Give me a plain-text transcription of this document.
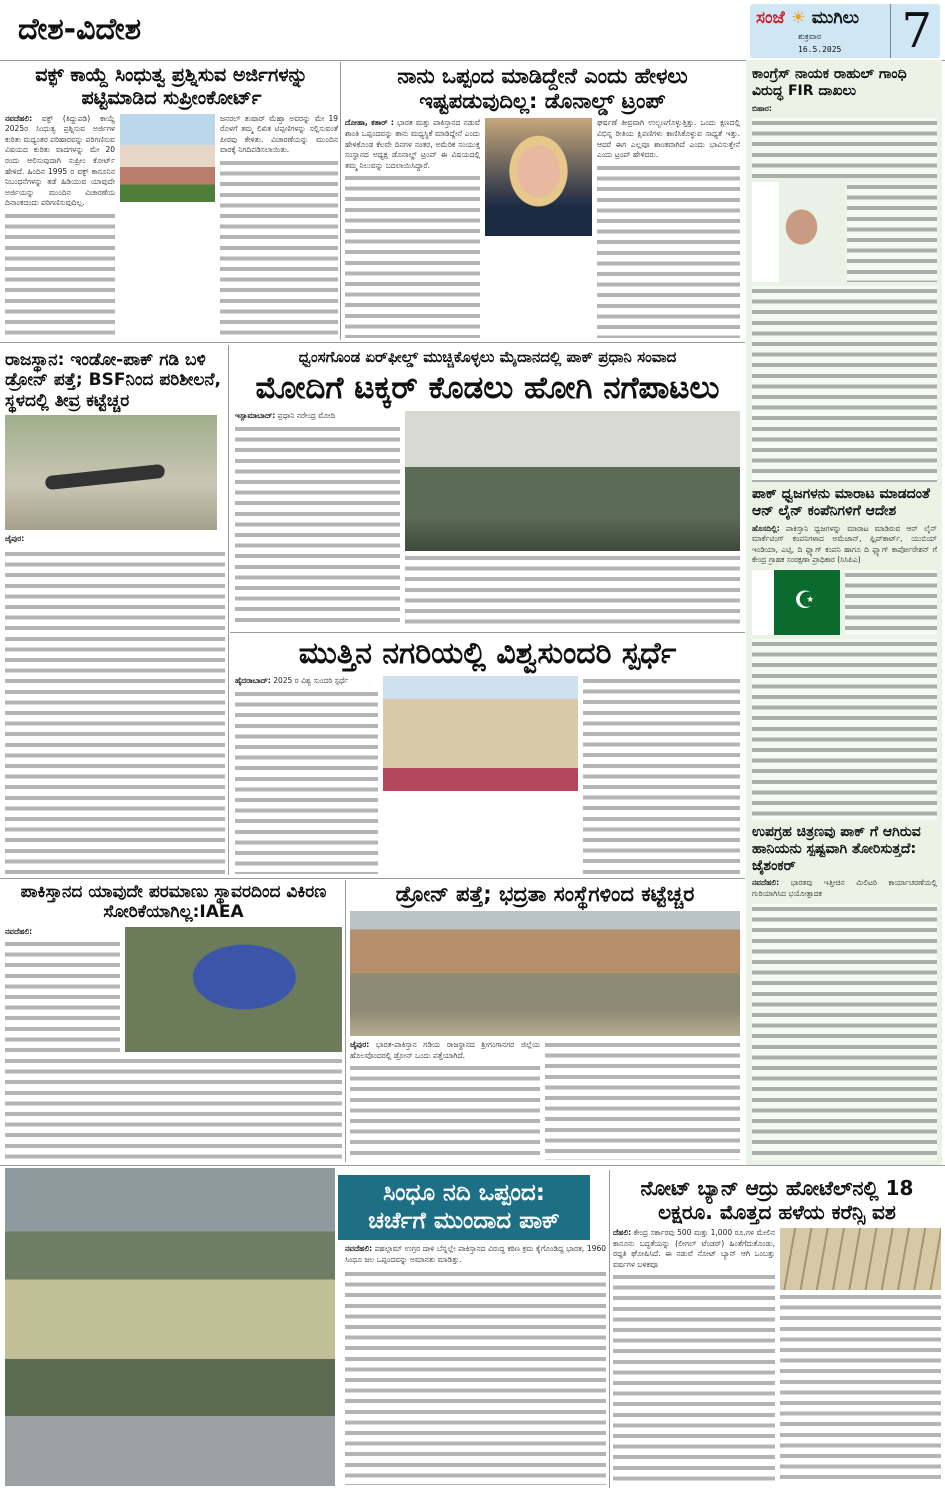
ದೇಶ-ವಿದೇಶ	ಸಂಜೆ ☀ ಮುಗಿಲು
ಶುಕ್ರವಾರ
16.5.2025 7
ವಕ್ಫ್ ಕಾಯ್ದೆ ಸಿಂಧುತ್ವ ಪ್ರಶ್ನಿಸುವ ಅರ್ಜಿಗಳನ್ನು ಪಟ್ಟಿಮಾಡಿದ ಸುಪ್ರೀಂಕೋರ್ಟ್
ನವದೆಹಲಿ: ವಕ್ಫ್ (ತಿದ್ದುಪಡಿ) ಕಾಯ್ದೆ 2025ರ ಸಿಂಧುತ್ವ ಪ್ರಶ್ನಿಸುವ ಅರ್ಜಿಗಳ ಕುರಿತು ಮಧ್ಯಂತರ ಪರಿಹಾರವನ್ನು ಪರಿಗಣಿಸುವ ವಿಷಯದ ಕುರಿತು ವಾದಗಳನ್ನು ಮೇ 20 ರಂದು ಆಲಿಸುವುದಾಗಿ ಸುಪ್ರೀಂ ಕೋರ್ಟ್ ಹೇಳಿದೆ. ಹಿಂದಿನ 1995 ರ ವಕ್ಫ್ ಕಾನೂನಿನ ನಿಬಂಧನೆಗಳನ್ನು ತಡೆ ಹಿಡಿಯುವ ಯಾವುದೇ ಅರ್ಜಿಯನ್ನು ಮುಂದಿನ ವಿಚಾರಣೆಯ ದಿನಾಂಕದಂದು ಪರಿಗಣಿಸುವುದಿಲ್ಲ.
ಜನರಲ್ ತುಷಾರ್ ಮೆಹ್ತಾ ಅವರನ್ನು ಮೇ 19 ರೊಳಗೆ ತಮ್ಮ ಲಿಖಿತ ಟಿಪ್ಪಣಿಗಳನ್ನು ಸಲ್ಲಿಸುವಂತೆ ಪೀಠವು ಕೇಳಿತು. ವಿಚಾರಣೆಯನ್ನು ಮುಂದಿನ ವಾರಕ್ಕೆ ನಿಗದಿಪಡಿಸಲಾಯಿತು.
ನಾನು ಒಪ್ಪಂದ ಮಾಡಿದ್ದೇನೆ ಎಂದು ಹೇಳಲು ಇಷ್ಟಪಡುವುದಿಲ್ಲ: ಡೊನಾಲ್ಡ್ ಟ್ರಂಪ್
ದೋಹಾ, ಕತಾರ್ : ಭಾರತ ಮತ್ತು ಪಾಕಿಸ್ತಾನದ ನಡುವೆ ಶಾಂತಿ ಒಪ್ಪಂದವನ್ನು ತಾನು ಮಧ್ಯಸ್ಥಿಕೆ ಮಾಡಿದ್ದೇನೆ ಎಂದು ಹೇಳಿಕೊಂಡ ಕೆಲವೇ ದಿನಗಳ ನಂತರ, ಅಮೆರಿಕ ಸಂಯುಕ್ತ ಸಂಸ್ಥಾನದ ಅಧ್ಯಕ್ಷ ಡೊನಾಲ್ಡ್ ಟ್ರಂಪ್ ಈ ವಿಷಯದಲ್ಲಿ ತಮ್ಮ ನಿಲುವನ್ನು ಬದಲಾಯಿಸಿದ್ದಾರೆ.
ಘರ್ಷಣೆ ತೀವ್ರವಾಗಿ ಉಲ್ಬಣಗೊಳ್ಳುತ್ತಿತ್ತು. ಒಂದು ಕ್ಷಣದಲ್ಲಿ ವಿಭಿನ್ನ ರೀತಿಯ ಕ್ಷಿಪಣಿಗಳು ಕಾಣಿಸಿಕೊಳ್ಳುವ ಸಾಧ್ಯತೆ ಇತ್ತು. ಆದರೆ ಈಗ ಎಲ್ಲವೂ ಶಾಂತವಾಗಿದೆ ಎಂದು ಭಾವಿಸುತ್ತೇನೆ ಎಂದು ಟ್ರಂಪ್ ಹೇಳಿದರು.
ಕಾಂಗ್ರೆಸ್ ನಾಯಕ ರಾಹುಲ್ ಗಾಂಧಿ ವಿರುದ್ಧ FIR ದಾಖಲು
ಬಿಹಾರ:
ಪಾಕ್ ಧ್ವಜಗಳನು ಮಾರಾಟ ಮಾಡದಂತೆ ಆನ್ ಲೈನ್ ಕಂಪೆನಿಗಳಿಗೆ ಆದೇಶ
ಹೊಸದಿಲ್ಲಿ: ಪಾಕಿಸ್ತಾನಿ ಧ್ವಜಗಳನ್ನು ಮಾರಾಟ ಮಾಡಿರುವ ಆನ್ ಲೈನ್ ಮಾರ್ಕೆಟಿಂಗ್ ಕಂಪನಿಗಳಾದ ಅಮೆಜಾನ್, ಫ್ಲಿಪ್‌ಕಾರ್ಟ್, ಯುಬಿಯ್ ಇಂಡಿಯಾ, ಎಟ್ಸಿ, ದಿ ಫ್ಲ್ಯಾಗ್ ಕಂಪನಿ ಹಾಗೂ ದಿ ಫ್ಲ್ಯಾಗ್ ಕಾರ್ಪೋರೇಶನ್ ಗೆ ಕೇಂದ್ರ ಗ್ರಾಹಕ ಸಂರಕ್ಷಣಾ ಪ್ರಾಧಿಕಾರ (ಸಿಸಿಪಿಎ)
☪
ಉಪಗ್ರಹ ಚಿತ್ರಣವು ಪಾಕ್ ಗೆ ಆಗಿರುವ ಹಾನಿಯನು ಸ್ಪಷ್ಟವಾಗಿ ತೋರಿಸುತ್ತದೆ: ಜೈಶಂಕರ್
ನವದೆಹಲಿ: ಭಾರತವು ಇತ್ತೀಚಿನ ಮಿಲಿಟರಿ ಕಾರ್ಯಾಚರಣೆಯಲ್ಲಿ ಗುರಿಯಾಗಿಸಿದ ಭಯೋತ್ಪಾದಕ
ರಾಜಸ್ಥಾನ: ಇಂಡೋ-ಪಾಕ್ ಗಡಿ ಬಳಿ ಡ್ರೋನ್ ಪತ್ತೆ; BSFನಿಂದ ಪರಿಶೀಲನೆ, ಸ್ಥಳದಲ್ಲಿ ತೀವ್ರ ಕಟ್ಟೆಚ್ಚರ
ಜೈಪುರ:
ಧ್ವಂಸಗೊಂಡ ಏರ್‌ಫೀಲ್ಡ್ ಮುಚ್ಚಿಕೊಳ್ಳಲು ಮೈದಾನದಲ್ಲಿ ಪಾಕ್ ಪ್ರಧಾನಿ ಸಂವಾದ
ಮೋದಿಗೆ ಟಕ್ಕರ್ ಕೊಡಲು ಹೋಗಿ ನಗೆಪಾಟಲು
ಇಸ್ಲಾಮಾಬಾದ್: ಪ್ರಧಾನಿ ನರೇಂದ್ರ ಮೋದಿ
ಮುತ್ತಿನ ನಗರಿಯಲ್ಲಿ ವಿಶ್ವಸುಂದರಿ ಸ್ಪರ್ಧೆ
ಹೈದರಾಬಾದ್: 2025 ರ ವಿಶ್ವ ಸುಂದರಿ ಸ್ಪರ್ಧೆ
ಪಾಕಿಸ್ತಾನದ ಯಾವುದೇ ಪರಮಾಣು ಸ್ಥಾವರದಿಂದ ವಿಕಿರಣ ಸೋರಿಕೆಯಾಗಿಲ್ಲ:IAEA
ನವದೆಹಲಿ:
ಡ್ರೋನ್ ಪತ್ತೆ; ಭದ್ರತಾ ಸಂಸ್ಥೆಗಳಿಂದ ಕಟ್ಟೆಚ್ಚರ
ಜೈಪುರ: ಭಾರತ-ಪಾಕಿಸ್ತಾನ ಗಡಿಯ ರಾಜಸ್ಥಾನದ ಶ್ರೀಗಂಗಾನಗರ ಜಿಲ್ಲೆಯ ಹೊಲವೊಂದರಲ್ಲಿ ಡ್ರೋನ್ ಒಂದು ಪತ್ತೆಯಾಗಿದೆ.
ಸಿಂಧೂ ನದಿ ಒಪ್ಪಂದ:
ಚರ್ಚೆಗೆ ಮುಂದಾದ ಪಾಕ್
ನವದೆಹಲಿ: ಪಹಲ್ಗಾಮ್ ಉಗ್ರರ ದಾಳಿ ಬೆನ್ನಲ್ಲೇ ಪಾಕಿಸ್ತಾನದ ವಿರುದ್ಧ ಕಠಿಣ ಕ್ರಮ ಕೈಗೊಂಡಿದ್ದ ಭಾರತ, 1960 ಸಿಂಧೂ ಜಲ ಒಪ್ಪಂದವನ್ನು ಅಮಾನತು ಮಾಡಿತ್ತು.
ನೋಟ್ ಬ್ಯಾನ್ ಆದ್ರು ಹೋಟೆಲ್‌ನಲ್ಲಿ 18 ಲಕ್ಷರೂ. ಮೊತ್ತದ ಹಳೆಯ ಕರೆನ್ಸಿ ವಶ
ದೆಹಲಿ: ಕೇಂದ್ರ ಸರ್ಕಾರವು 500 ಮತ್ತು 1,000 ರೂ.ಗಳ ಮೇಲಿನ ಕಾನೂನು ಬದ್ಧತೆಯನ್ನು (ಲೀಗಲ್ ಟೆಂಡರ್) ಹಿಂತೆಗೆದುಕೊಂಡು, ರದ್ದತಿ ಘೋಷಿಸಿದೆ. ಈ ನಡುವೆ ನೋಟ್ ಬ್ಯಾನ್ ಆಗಿ ಒಂಬತ್ತು ವರ್ಷಗಳ ಬಳಿಕವೂ
